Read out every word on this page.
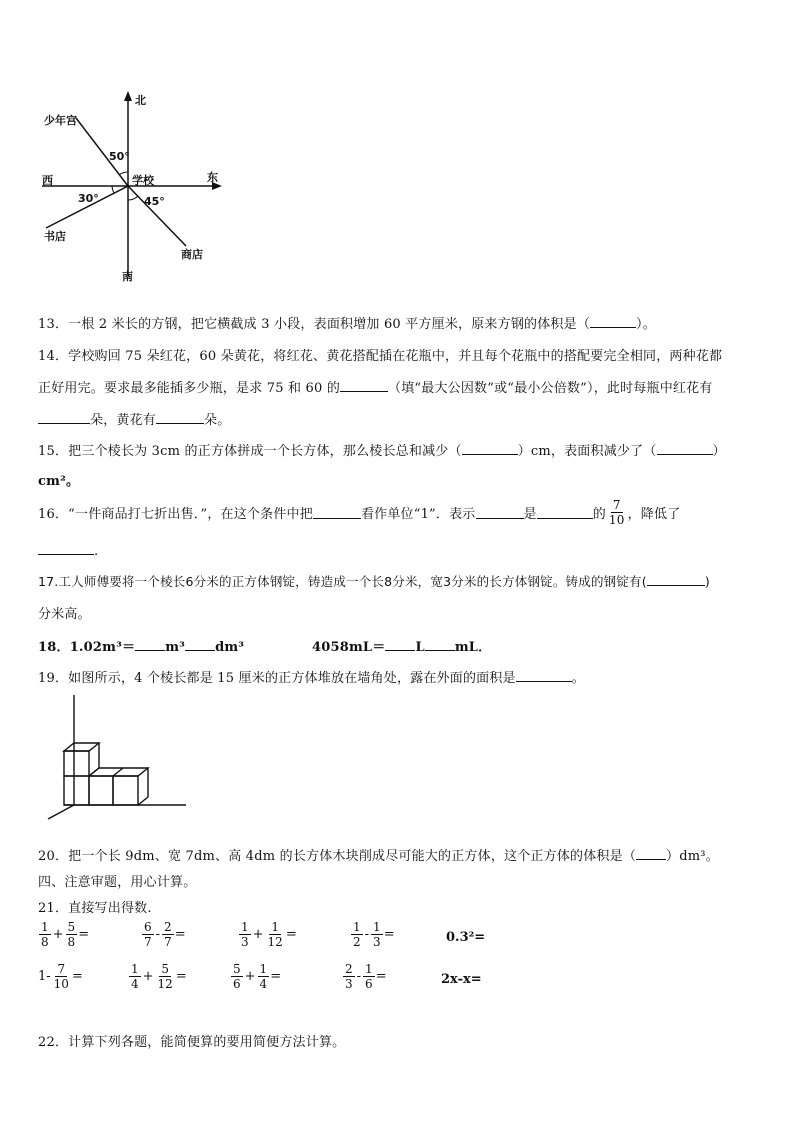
北
少年宫
50°
西	学校	东
30°	45°
书店
商店
南
13．一根 2 米长的方钢，把它横截成 3 小段，表面积增加 60 平方厘米，原来方钢的体积是（	）。
14．学校购回 75 朵红花，60 朵黄花，将红花、黄花搭配插在花瓶中，并且每个花瓶中的搭配要完全相同，两种花都
正好用完。要求最多能插多少瓶，是求 75 和 60 的	（填“最大公因数”或“最小公倍数”），此时每瓶中红花有
朵，黄花有	朵。
15．把三个棱长为 3cm 的正方体拼成一个长方体，那么棱长总和减少（	）cm，表面积减少了（	）
cm²。
16．“一件商品打七折出售．”，在这个条件中把	看作单位“1”．表示	是	的 $\frac{7}{10}$ ，降低了
.
17.工人师傅要将一个棱长6分米的正方体钢锭，铸造成一个长8分米，宽3分米的长方体钢锭。铸成的钢锭有(	)
分米高。
18．1.02m³＝ m³ dm³	4058mL＝ L mL．
19．如图所示，4 个棱长都是 15 厘米的正方体堆放在墙角处，露在外面的面积是	。
20．把一个长 9dm、宽 7dm、高 4dm 的长方体木块削成尽可能大的正方体，这个正方体的体积是（ ）dm³。
四、注意审题，用心计算。
21．直接写出得数.
$\frac{1}{8} + \frac{5}{8}$ =	$\frac{6}{7} - \frac{2}{7}$ =	$\frac{1}{3} + \frac{1}{12}$ =	$\frac{1}{2} - \frac{1}{3}$ =	0.3²=
$1- \frac{7}{10}$ =	$\frac{1}{4} + \frac{5}{12}$ =	$\frac{5}{6} + \frac{1}{4}$ =	$\frac{2}{3} - \frac{1}{6}$ =	2x-x=
22．计算下列各题，能简便算的要用简便方法计算。
